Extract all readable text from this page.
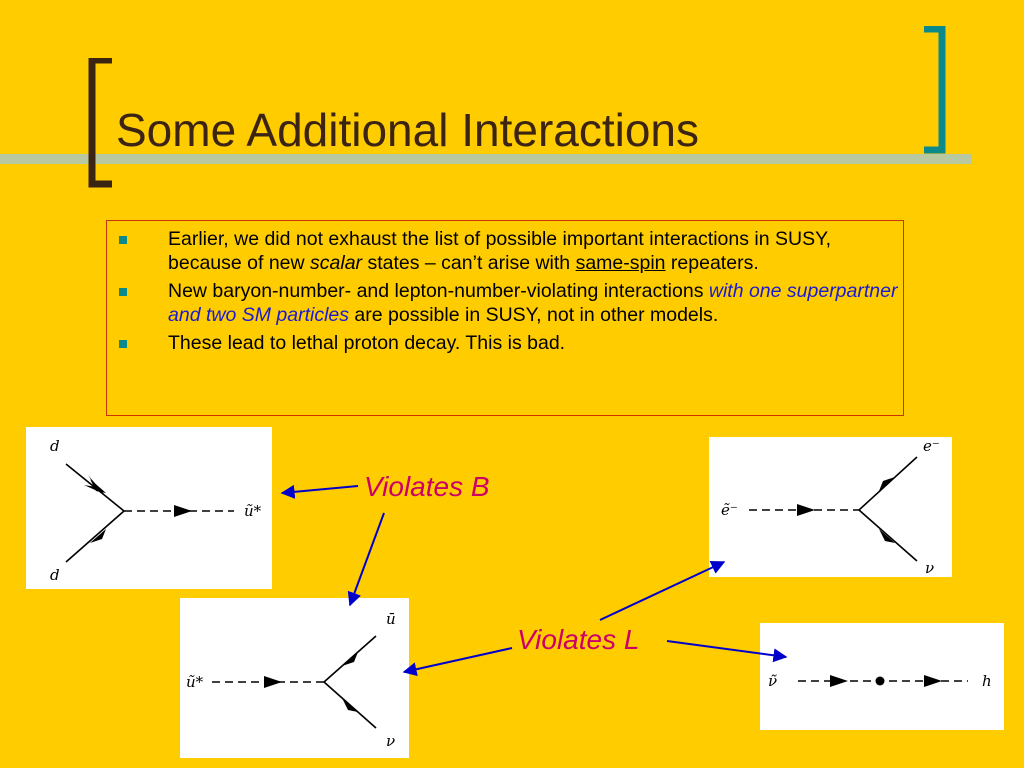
Some Additional Interactions
Earlier, we did not exhaust the list of possible important interactions in SUSY, because of new scalar states – can’t arise with same-spin repeaters.
New baryon-number- and lepton-number-violating interactions with one superpartner and two SM particles are possible in SUSY, not in other models.
These lead to lethal proton decay. This is bad.
d
d
ũ*
ũ*
ū
ν
ẽ⁻
e⁻
ν
ν̃	h
Violates B
Violates L
